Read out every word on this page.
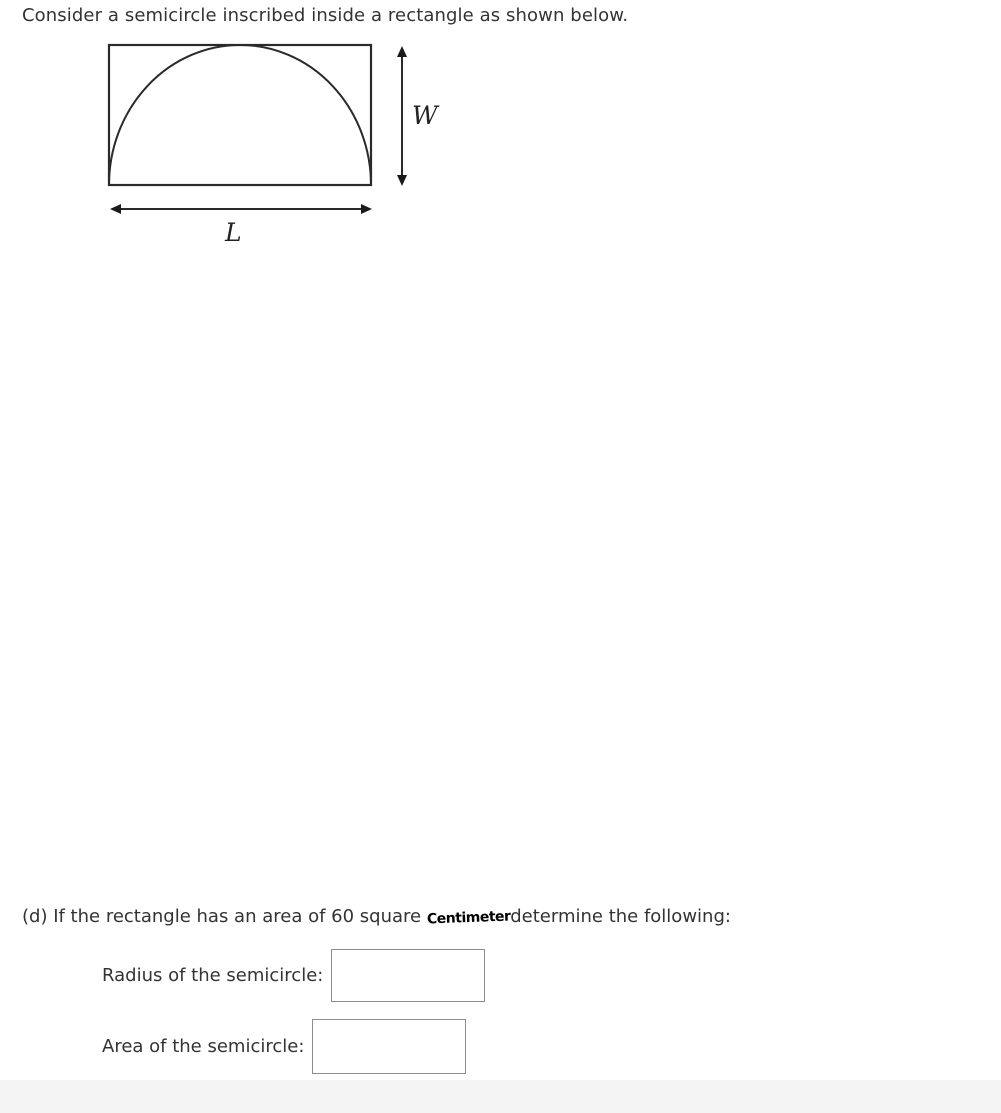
Consider a semicircle inscribed inside a rectangle as shown below.
W
L
(d) If the rectangle has an area of 60 square Centimeterdetermine the following:
Radius of the semicircle:
Area of the semicircle:
